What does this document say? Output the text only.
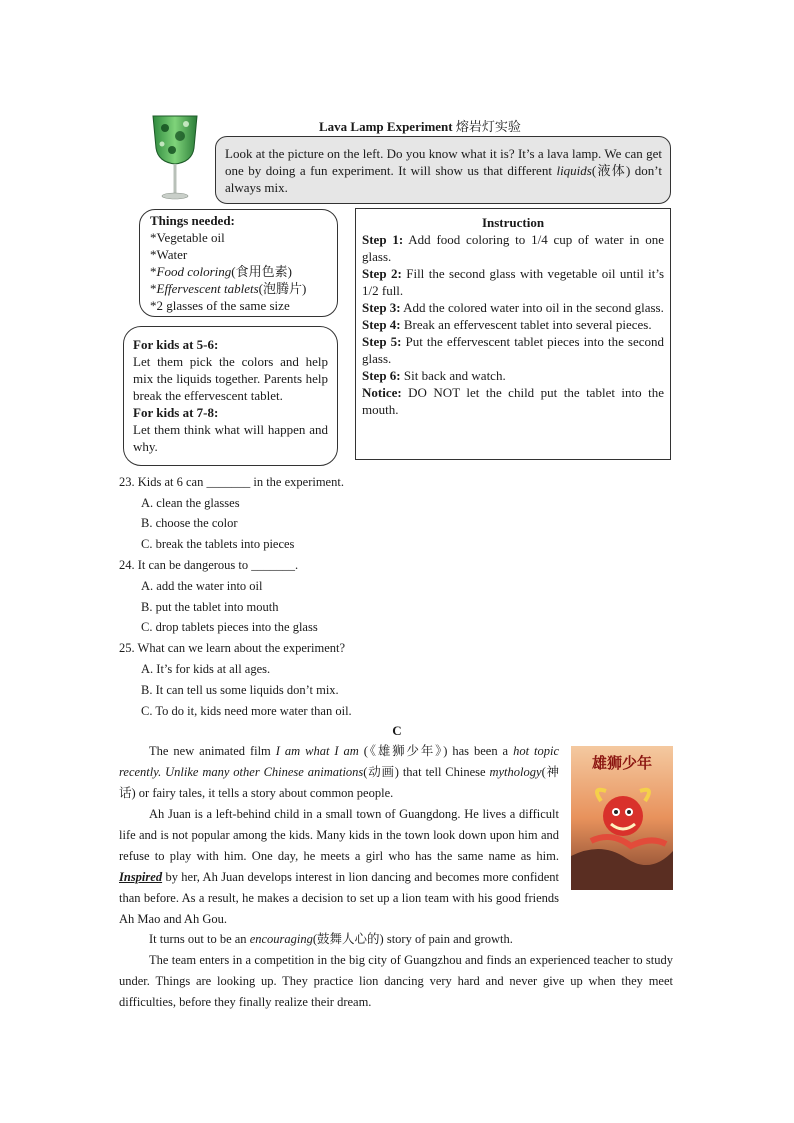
Lava Lamp Experiment 熔岩灯实验
Look at the picture on the left. Do you know what it is? It’s a lava lamp. We can get one by doing a fun experiment. It will show us that different liquids(液体) don’t always mix.
Things needed:
*Vegetable oil
*Water
*Food coloring(食用色素)
*Effervescent tablets(泡腾片)
*2 glasses of the same size
Instruction
Step 1: Add food coloring to 1/4 cup of water in one glass.
Step 2: Fill the second glass with vegetable oil until it’s 1/2 full.
Step 3: Add the colored water into oil in the second glass.
Step 4: Break an effervescent tablet into several pieces.
Step 5: Put the effervescent tablet pieces into the second glass.
Step 6: Sit back and watch.
Notice: DO NOT let the child put the tablet into the mouth.
For kids at 5-6:
Let them pick the colors and help mix the liquids together. Parents help break the effervescent tablet.
For kids at 7-8:
Let them think what will happen and why.
23. Kids at 6 can _______ in the experiment.
A. clean the glasses
B. choose the color
C. break the tablets into pieces
24. It can be dangerous to _______.
A. add the water into oil
B. put the tablet into mouth
C. drop tablets pieces into the glass
25. What can we learn about the experiment?
A. It’s for kids at all ages.
B. It can tell us some liquids don’t mix.
C. To do it, kids need more water than oil.
C
雄狮少年
The new animated film I am what I am (《雄狮少年》) has been a hot topic recently. Unlike many other Chinese animations(动画) that tell Chinese mythology(神话) or fairy tales, it tells a story about common people.
Ah Juan is a left-behind child in a small town of Guangdong. He lives a difficult life and is not popular among the kids. Many kids in the town look down upon him and refuse to play with him. One day, he meets a girl who has the same name as him. Inspired by her, Ah Juan develops interest in lion dancing and becomes more confident than before. As a result, he makes a decision to set up a lion team with his good friends Ah Mao and Ah Gou.
It turns out to be an encouraging(鼓舞人心的) story of pain and growth.
The team enters in a competition in the big city of Guangzhou and finds an experienced teacher to study under. Things are looking up. They practice lion dancing very hard and never give up when they meet difficulties, before they finally realize their dream.
